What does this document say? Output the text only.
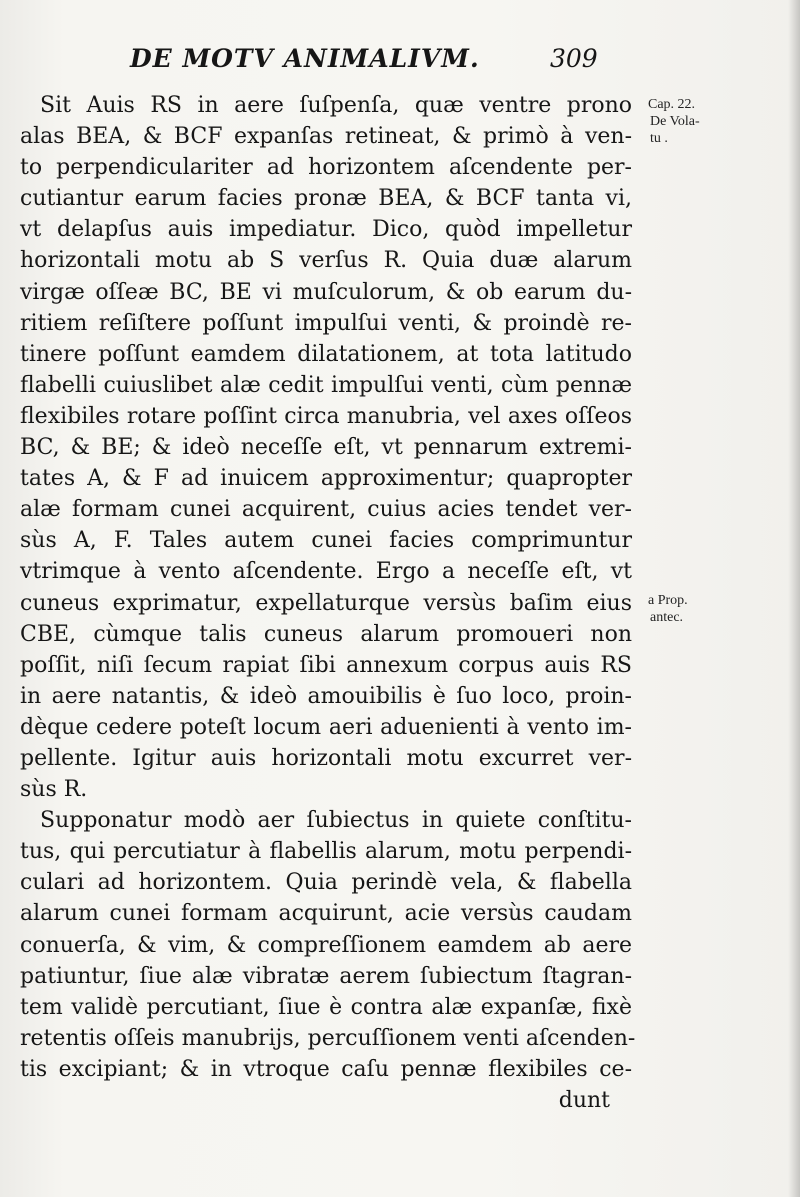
DE MOTV ANIMALIVM.	309
Sit Auis RS in aere ſuſpenſa, quæ ventre prono
alas BEA, & BCF expanſas retineat, & primò à ven-
to perpendiculariter ad horizontem aſcendente per-
cutiantur earum facies pronæ BEA, & BCF tanta vi,
vt delapſus auis impediatur. Dico, quòd impelletur
horizontali motu ab S verſus R. Quia duæ alarum
virgæ oſſeæ BC, BE vi muſculorum, & ob earum du-
ritiem reſiſtere poſſunt impulſui venti, & proindè re-
tinere poſſunt eamdem dilatationem, at tota latitudo
flabelli cuiuslibet alæ cedit impulſui venti, cùm pennæ
flexibiles rotare poſſint circa manubria, vel axes oſſeos
BC, & BE; & ideò neceſſe eſt, vt pennarum extremi-
tates A, & F ad inuicem approximentur; quapropter
alæ formam cunei acquirent, cuius acies tendet ver-
sùs A, F. Tales autem cunei facies comprimuntur
vtrimque à vento aſcendente. Ergo a neceſſe eſt, vt
cuneus exprimatur, expellaturque versùs baſim eius
CBE, cùmque talis cuneus alarum promoueri non
poſſit, niſi ſecum rapiat ſibi annexum corpus auis RS
in aere natantis, & ideò amouibilis è ſuo loco, proin-
dèque cedere poteſt locum aeri aduenienti à vento im-
pellente. Igitur auis horizontali motu excurret ver-
sùs R.
Supponatur modò aer ſubiectus in quiete conſtitu-
tus, qui percutiatur à flabellis alarum, motu perpendi-
culari ad horizontem. Quia perindè vela, & flabella
alarum cunei formam acquirunt, acie versùs caudam
conuerſa, & vim, & compreſſionem eamdem ab aere
patiuntur, ſiue alæ vibratæ aerem ſubiectum ſtagran-
tem validè percutiant, ſiue è contra alæ expanſæ, fixè
retentis oſſeis manubrijs, percuſſionem venti aſcenden-
tis excipiant; & in vtroque caſu pennæ flexibiles ce-
dunt
Cap. 22.
De Vola-
tu .
a Prop.
antec.
